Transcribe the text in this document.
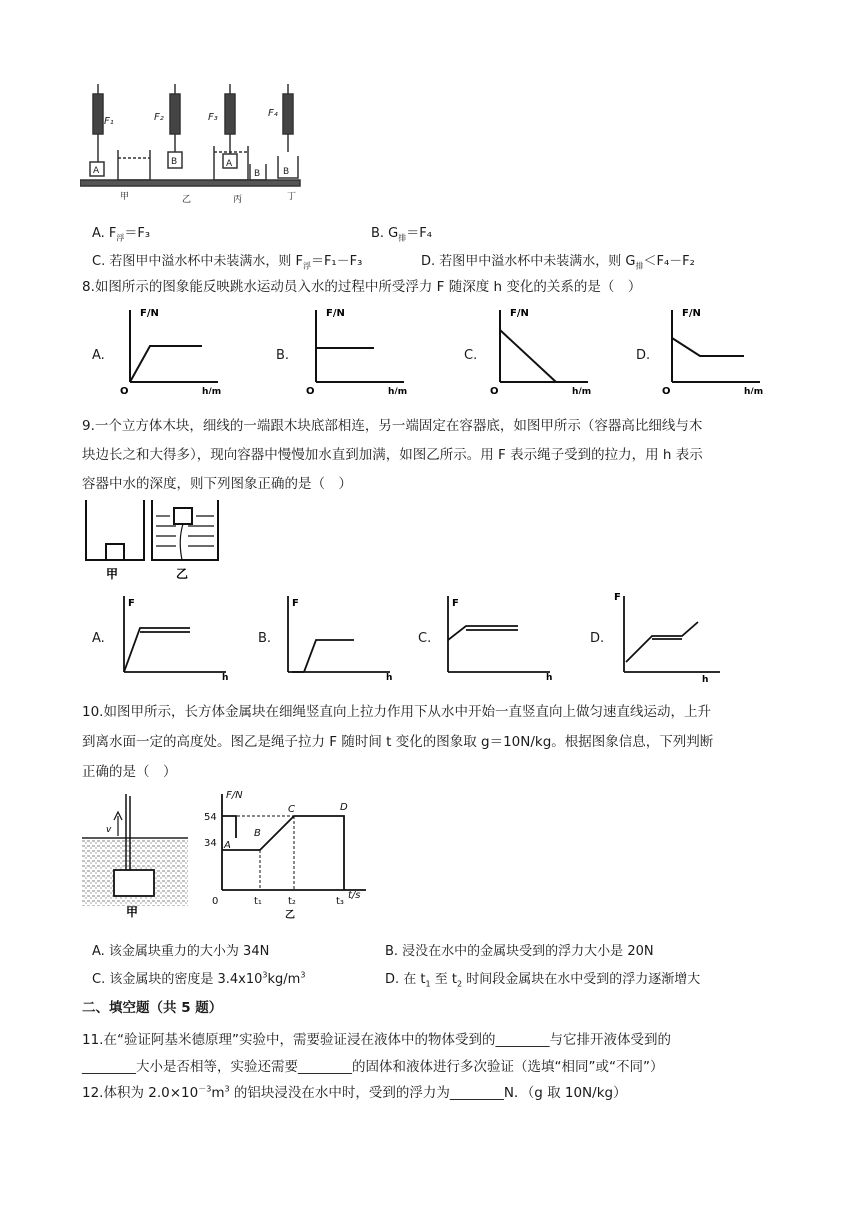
F₁	F₂	F₃	F₄
A
B	A
B	B
甲	乙	丙	丁
A. $F_浮=F_3$	B. $G_排=F_4$
C. 若图甲中溢水杯中未装满水，则 $F_浮=F_1-F_3$	D. 若图甲中溢水杯中未装满水，则 $G_排<F_4-F_2$
8.如图所示的图象能反映跳水运动员入水的过程中所受浮力 F 随深度 h 变化的关系的是（　）
A.	B.	C.	D.
F/N
h/m
O
F/N
h/m
O
F/N
h/m
O
F/N
h/m
O
9.一个立方体木块，细线的一端跟木块底部相连，另一端固定在容器底，如图甲所示（容器高比细线与木
块边长之和大得多），现向容器中慢慢加水直到加满，如图乙所示。用 F 表示绳子受到的拉力，用 h 表示
容器中水的深度，则下列图象正确的是（　）
甲	乙
A.	B.	C.	D.
F
h
F
h
F
h
F
h
10.如图甲所示，长方体金属块在细绳竖直向上拉力作用下从水中开始一直竖直向上做匀速直线运动，上升
到离水面一定的高度处。图乙是绳子拉力 F 随时间 t 变化的图象取 g＝10N/kg。根据图象信息，下列判断
正确的是（　）
v
甲
F/N
t/s
54
34 A
B
C	D
0	t₁	t₂	t₃
乙
A. 该金属块重力的大小为 34N	B. 浸没在水中的金属块受到的浮力大小是 20N
C. 该金属块的密度是 $3.4x10^3kg/m^3$	D. 在 $t_1$ 至 $t_2$ 时间段金属块在水中受到的浮力逐渐增大
二、填空题（共 5 题）
11.在“验证阿基米德原理”实验中，需要验证浸在液体中的物体受到的________与它排开液体受到的
________大小是否相等，实验还需要________的固体和液体进行多次验证（选填“相同”或“不同”）
12.体积为 $2.0\times 10^{-3}m^3$ 的铝块浸没在水中时，受到的浮力为________N．（g 取 10N/kg）
